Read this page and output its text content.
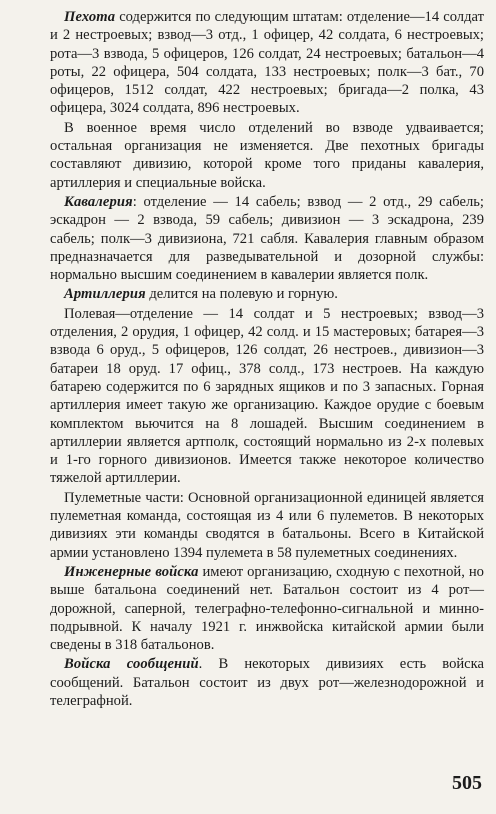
Пехота содержится по следующим штатам: отделение—14 солдат и 2 нестроевых; взвод—3 отд., 1 офицер, 42 солдата, 6 нестроевых; рота—3 взвода, 5 офицеров, 126 солдат, 24 нестроевых; батальон—4 роты, 22 офицера, 504 солдата, 133 нестроевых; полк—3 бат., 70 офицеров, 1512 солдат, 422 нестроевых; бригада—2 полка, 43 офицера, 3024 солдата, 896 нестроевых.

В военное время число отделений во взводе удваивается; остальная организация не изменяется. Две пехотных бригады составляют дивизию, которой кроме того приданы кавалерия, артиллерия и специальные войска.

Кавалерия: отделение — 14 сабель; взвод — 2 отд., 29 сабель; эскадрон — 2 взвода, 59 сабель; дивизион — 3 эскадрона, 239 сабель; полк—3 дивизиона, 721 сабля. Кавалерия главным образом предназначается для разведывательной и дозорной службы: нормально высшим соединением в кавалерии является полк.

Артиллерия делится на полевую и горную.

Полевая—отделение — 14 солдат и 5 нестроевых; взвод—3 отделения, 2 орудия, 1 офицер, 42 солд. и 15 мастеровых; батарея—3 взвода 6 оруд., 5 офицеров, 126 солдат, 26 нестроев., дивизион—3 батареи 18 оруд. 17 офиц., 378 солд., 173 нестроев. На каждую батарею содержится по 6 зарядных ящиков и по 3 запасных. Горная артиллерия имеет такую же организацию. Каждое орудие с боевым комплектом вьючится на 8 лошадей. Высшим соединением в артиллерии является артполк, состоящий нормально из 2-х полевых и 1-го горного дивизионов. Имеется также некоторое количество тяжелой артиллерии.

Пулеметные части: Основной организационной единицей является пулеметная команда, состоящая из 4 или 6 пулеметов. В некоторых дивизиях эти команды сводятся в батальоны. Всего в Китайской армии установлено 1394 пулемета в 58 пулеметных соединениях.

Инженерные войска имеют организацию, сходную с пехотной, но выше батальона соединений нет. Батальон состоит из 4 рот—дорожной, саперной, телеграфно-телефонно-сигнальной и минно-подрывной. К началу 1921 г. инжвойска китайской армии были сведены в 318 батальонов.

Войска сообщений. В некоторых дивизиях есть войска сообщений. Батальон состоит из двух рот—железнодорожной и телеграфной.

505
